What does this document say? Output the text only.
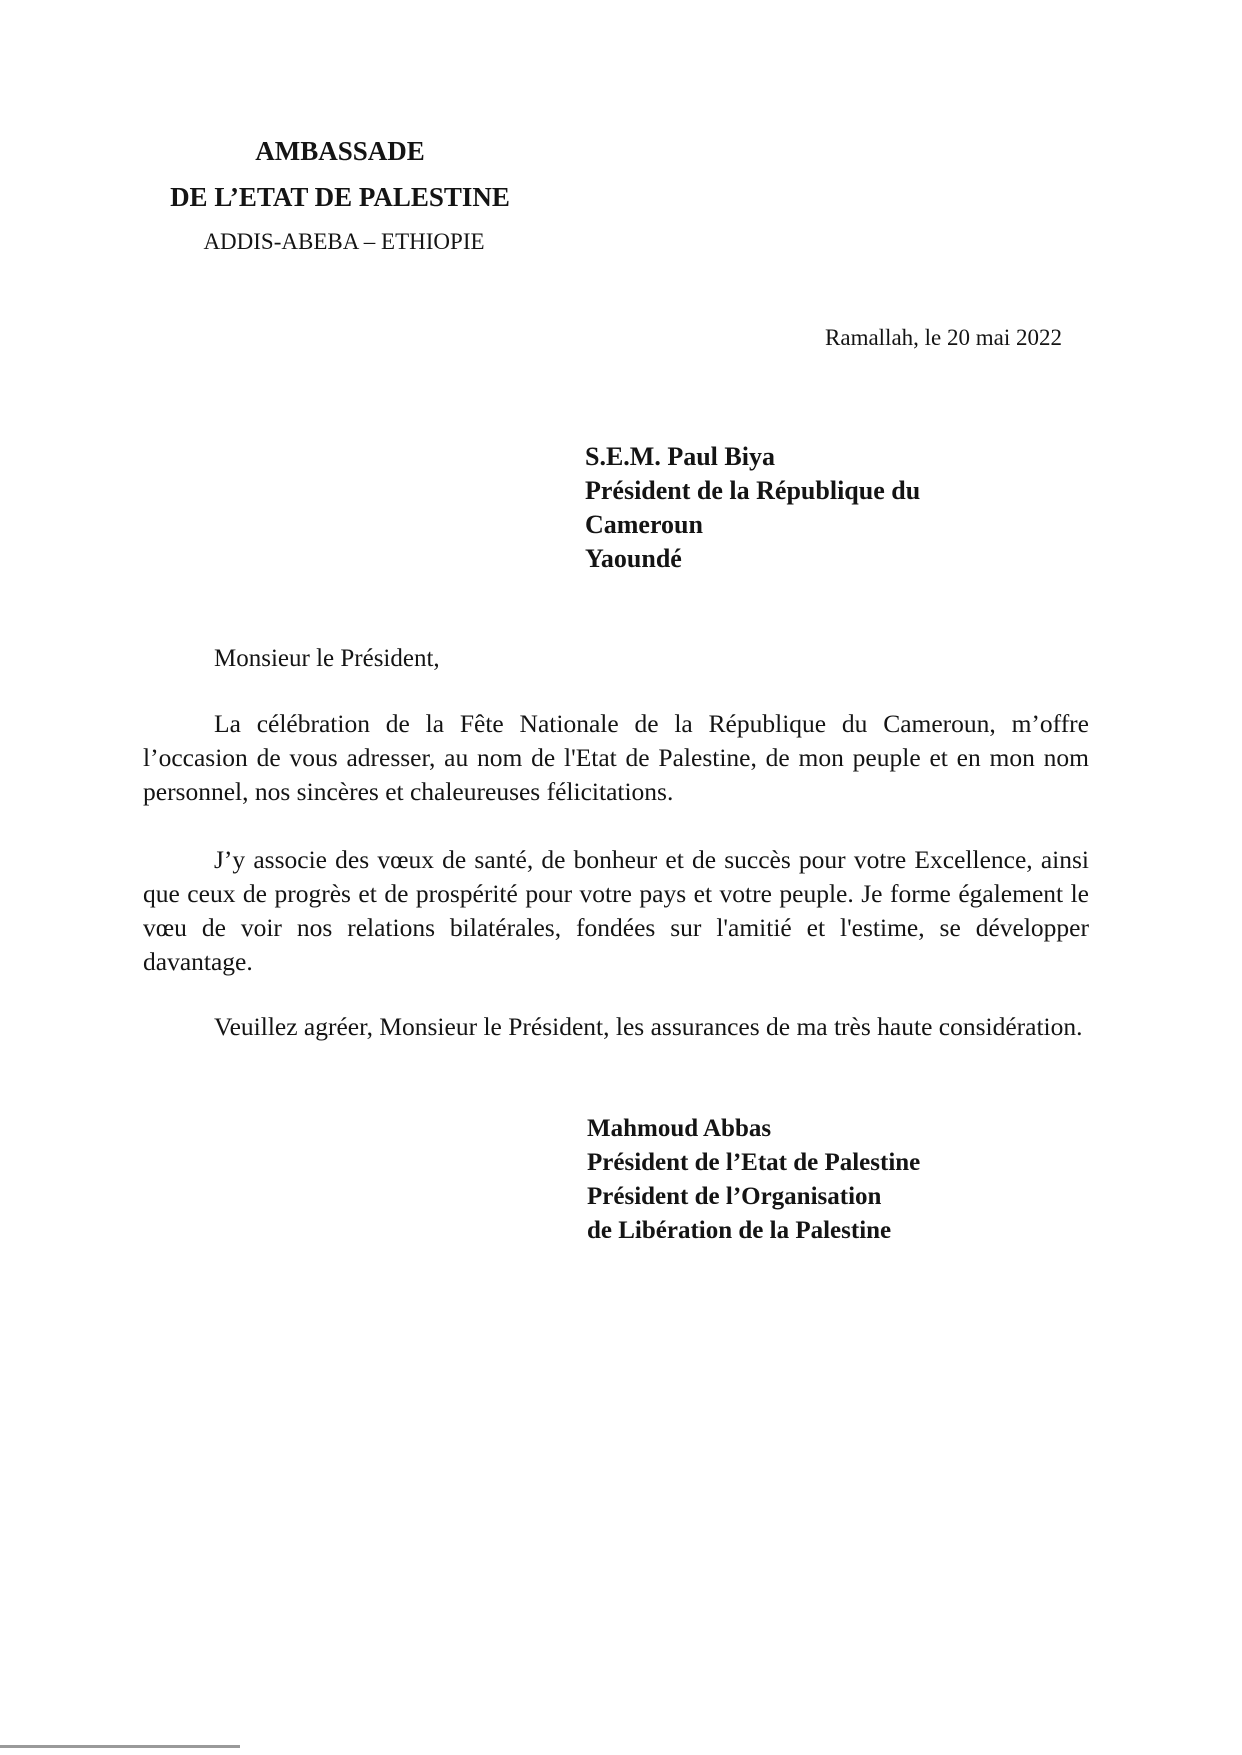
AMBASSADE
DE L’ETAT DE PALESTINE
ADDIS-ABEBA – ETHIOPIE
Ramallah, le 20 mai 2022
S.E.M. Paul Biya
Président de la République du
Cameroun
Yaoundé
Monsieur le Président,
La célébration de la Fête Nationale de la République du Cameroun, m’offre l’occasion de vous adresser, au nom de l'Etat de Palestine, de mon peuple et en mon nom personnel, nos sincères et chaleureuses félicitations.
J’y associe des vœux de santé, de bonheur et de succès pour votre Excellence, ainsi que ceux de progrès et de prospérité pour votre pays et votre peuple. Je forme également le vœu de voir nos relations bilatérales, fondées sur l'amitié et l'estime, se développer davantage.
Veuillez agréer, Monsieur le Président, les assurances de ma très haute considération.
Mahmoud Abbas
Président de l’Etat de Palestine
Président de l’Organisation
de Libération de la Palestine
